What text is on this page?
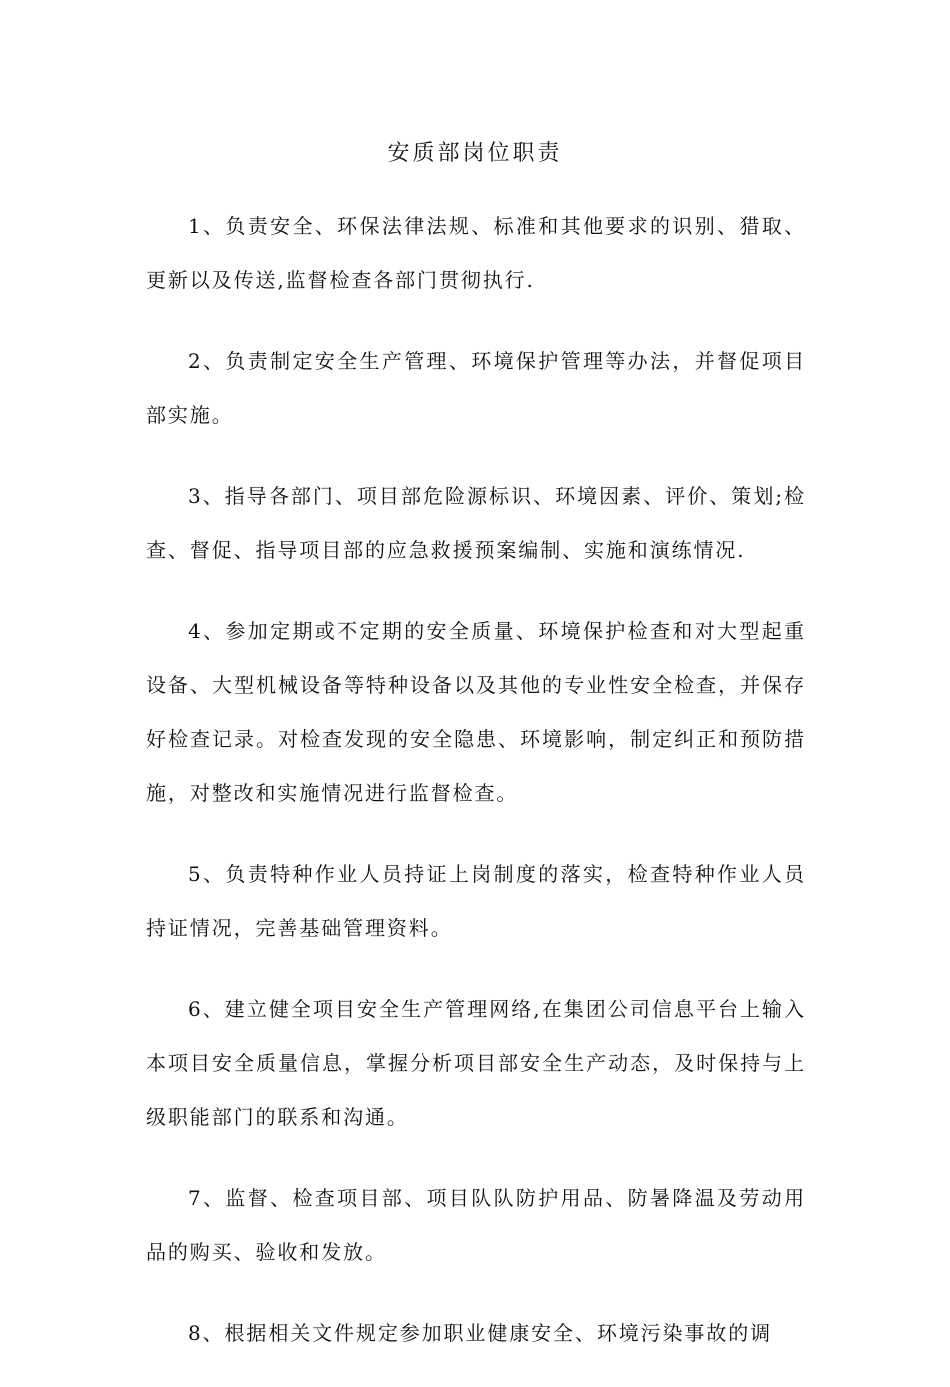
安质部岗位职责

1、负责安全、环保法律法规、标准和其他要求的识别、猎取、更新以及传送,监督检查各部门贯彻执行.

2、负责制定安全生产管理、环境保护管理等办法，并督促项目部实施。

3、指导各部门、项目部危险源标识、环境因素、评价、策划;检查、督促、指导项目部的应急救援预案编制、实施和演练情况.

4、参加定期或不定期的安全质量、环境保护检查和对大型起重设备、大型机械设备等特种设备以及其他的专业性安全检查，并保存好检查记录。对检查发现的安全隐患、环境影响，制定纠正和预防措施，对整改和实施情况进行监督检查。

5、负责特种作业人员持证上岗制度的落实，检查特种作业人员持证情况，完善基础管理资料。

6、建立健全项目安全生产管理网络,在集团公司信息平台上输入本项目安全质量信息，掌握分析项目部安全生产动态，及时保持与上级职能部门的联系和沟通。

7、监督、检查项目部、项目队队防护用品、防暑降温及劳动用品的购买、验收和发放。

8、根据相关文件规定参加职业健康安全、环境污染事故的调
